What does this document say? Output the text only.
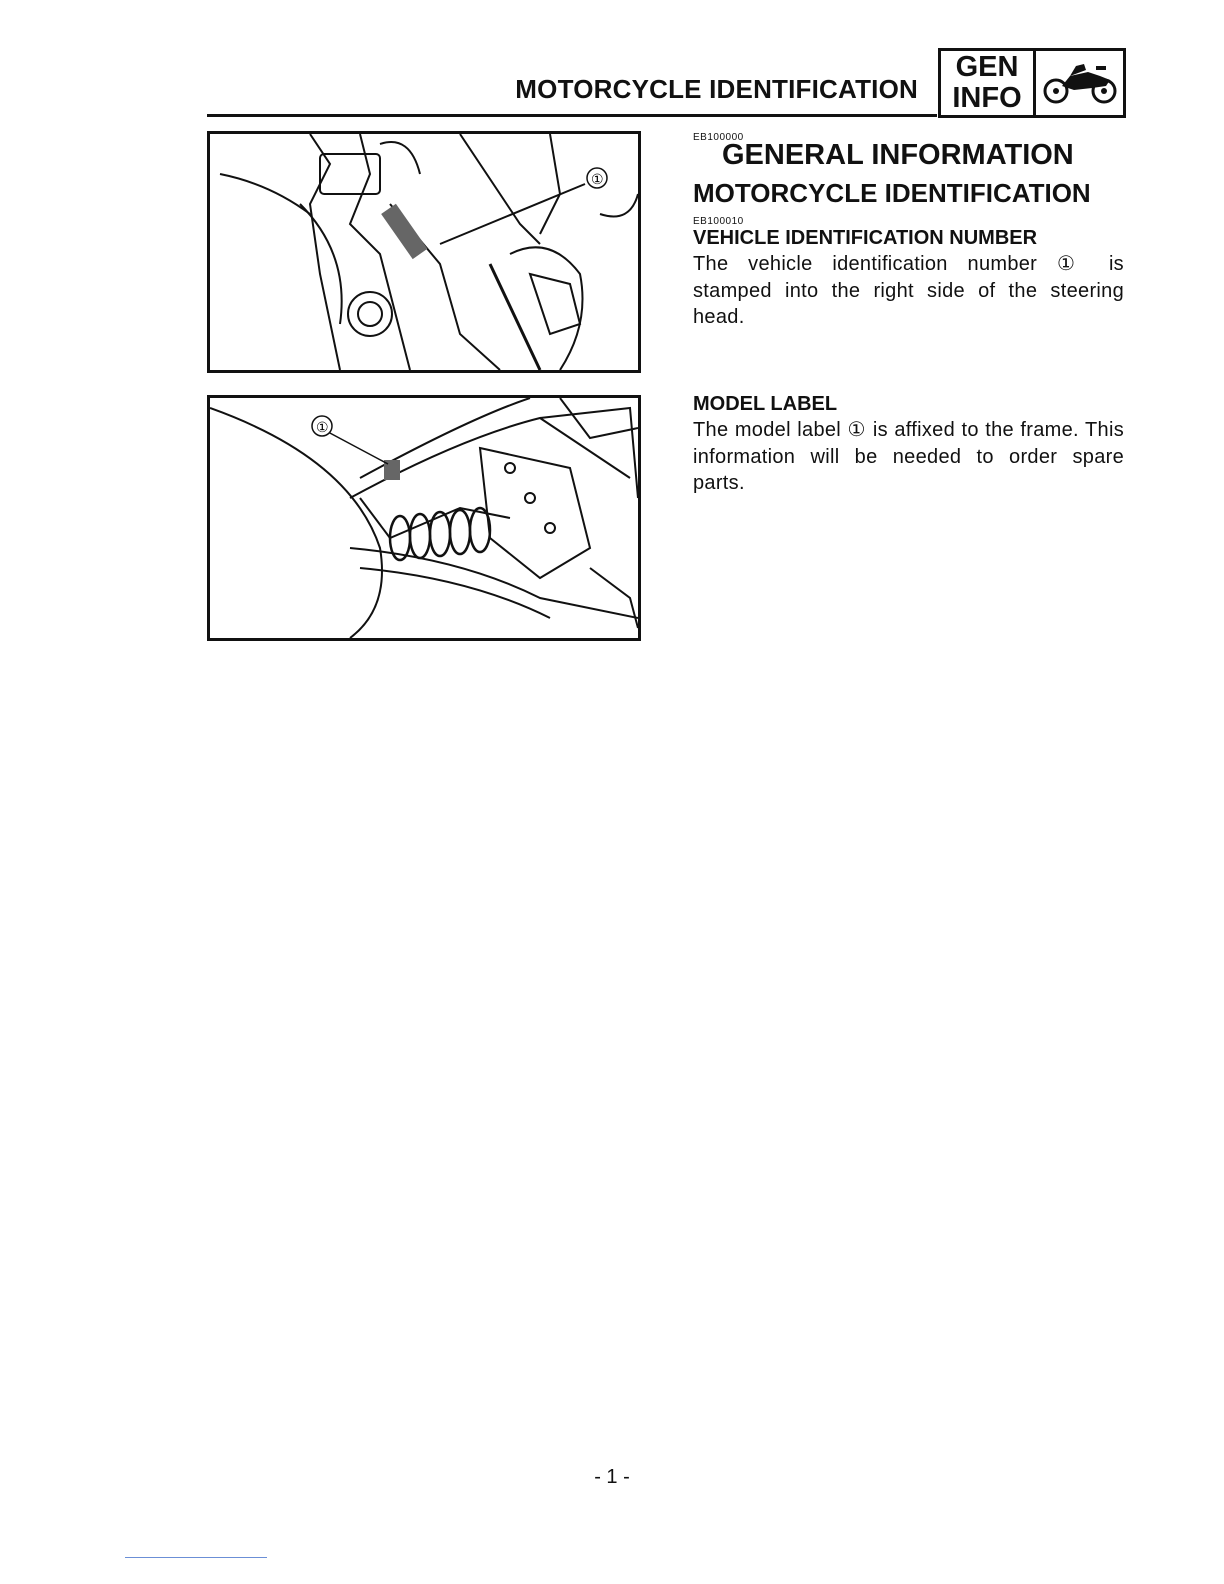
MOTORCYCLE IDENTIFICATION
GEN
INFO
①
①
EB100000
GENERAL INFORMATION
MOTORCYCLE IDENTIFICATION
EB100010
VEHICLE IDENTIFICATION NUMBER
The vehicle identification number ① is stamped into the right side of the steering head.
MODEL LABEL
The model label ① is affixed to the frame. This information will be needed to order spare parts.
- 1 -
